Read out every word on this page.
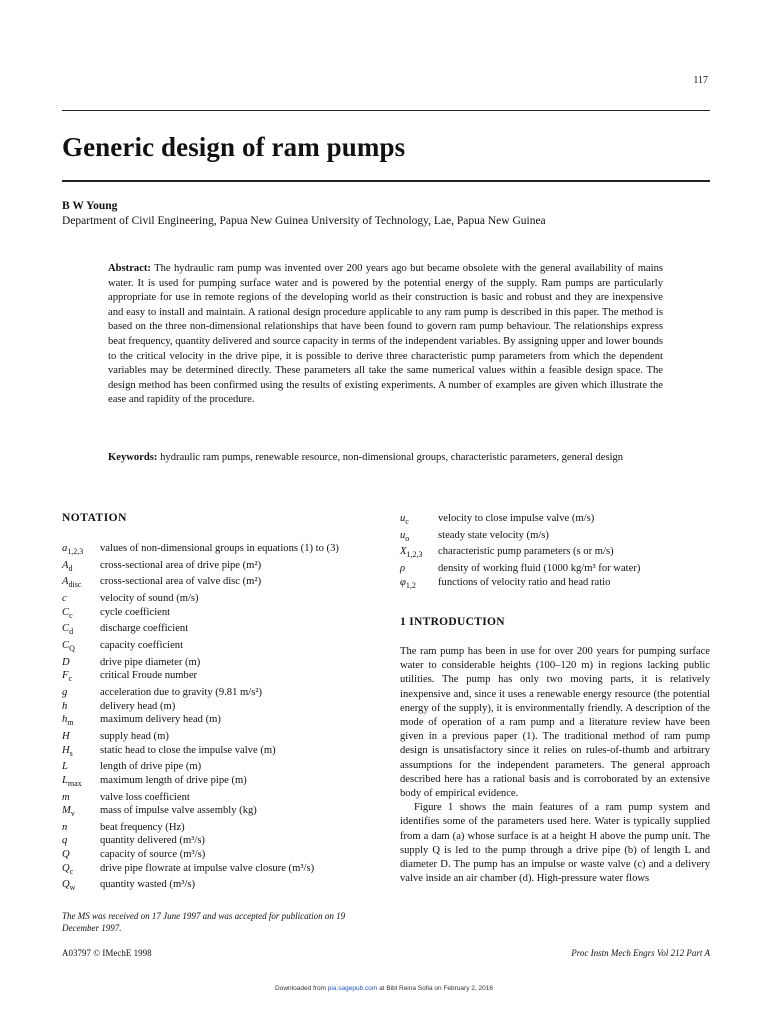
117
Generic design of ram pumps
B W Young
Department of Civil Engineering, Papua New Guinea University of Technology, Lae, Papua New Guinea
Abstract: The hydraulic ram pump was invented over 200 years ago but became obsolete with the general availability of mains water. It is used for pumping surface water and is powered by the potential energy of the supply. Ram pumps are particularly appropriate for use in remote regions of the developing world as their construction is basic and robust and they are inexpensive and easy to install and maintain. A rational design procedure applicable to any ram pump is described in this paper. The method is based on the three non-dimensional relationships that have been found to govern ram pump behaviour. The relationships express beat frequency, quantity delivered and source capacity in terms of the independent variables. By assigning upper and lower bounds to the critical velocity in the drive pipe, it is possible to derive three characteristic pump parameters from which the dependent variables may be determined directly. These parameters all take the same numerical values within a feasible design space. The design method has been confirmed using the results of existing experiments. A number of examples are given which illustrate the ease and rapidity of the procedure.
Keywords: hydraulic ram pumps, renewable resource, non-dimensional groups, characteristic parameters, general design
NOTATION
$a_{1,2,3}$	values of non-dimensional groups in equations (1) to (3)
$A_d$	cross-sectional area of drive pipe (m²)
$A_{disc}$	cross-sectional area of valve disc (m²)
c	velocity of sound (m/s)
$C_c$	cycle coefficient
$C_d$	discharge coefficient
$C_Q$	capacity coefficient
D	drive pipe diameter (m)
$F_c$	critical Froude number
g	acceleration due to gravity (9.81 m/s²)
h	delivery head (m)
$h_m$	maximum delivery head (m)
H	supply head (m)
$H_s$	static head to close the impulse valve (m)
L	length of drive pipe (m)
$L_{max}$	maximum length of drive pipe (m)
m	valve loss coefficient
$M_v$	mass of impulse valve assembly (kg)
n	beat frequency (Hz)
q	quantity delivered (m³/s)
Q	capacity of source (m³/s)
$Q_c$	drive pipe flowrate at impulse valve closure (m³/s)
$Q_w$	quantity wasted (m³/s)
$u_c$	velocity to close impulse valve (m/s)
$u_o$	steady state velocity (m/s)
$X_{1,2,3}$	characteristic pump parameters (s or m/s)
ρ	density of working fluid (1000 kg/m³ for water)
$\varphi_{1,2}$	functions of velocity ratio and head ratio
1 INTRODUCTION

The ram pump has been in use for over 200 years for pumping surface water to considerable heights (100–120 m) in regions lacking public utilities. The pump has only two moving parts, it is relatively inexpensive and, since it uses a renewable energy resource (the potential energy of the supply), it is environmentally friendly. A description of the mode of operation of a ram pump and a literature review have been given in a previous paper (1). The traditional method of ram pump design is unsatisfactory since it relies on rules-of-thumb and arbitrary assumptions for the independent parameters. The general approach described here has a rational basis and is corroborated by an extensive body of empirical evidence.

Figure 1 shows the main features of a ram pump system and identifies some of the parameters used here. Water is typically supplied from a dam (a) whose surface is at a height H above the pump unit. The supply Q is led to the pump through a drive pipe (b) of length L and diameter D. The pump has an impulse or waste valve (c) and a delivery valve inside an air chamber (d). High-pressure water flows

The MS was received on 17 June 1997 and was accepted for publication on 19 December 1997.
A03797 © IMechE 1998	Proc Instn Mech Engrs Vol 212 Part A
Downloaded from pia.sagepub.com at Bibl Reina Sofia on February 2, 2016
